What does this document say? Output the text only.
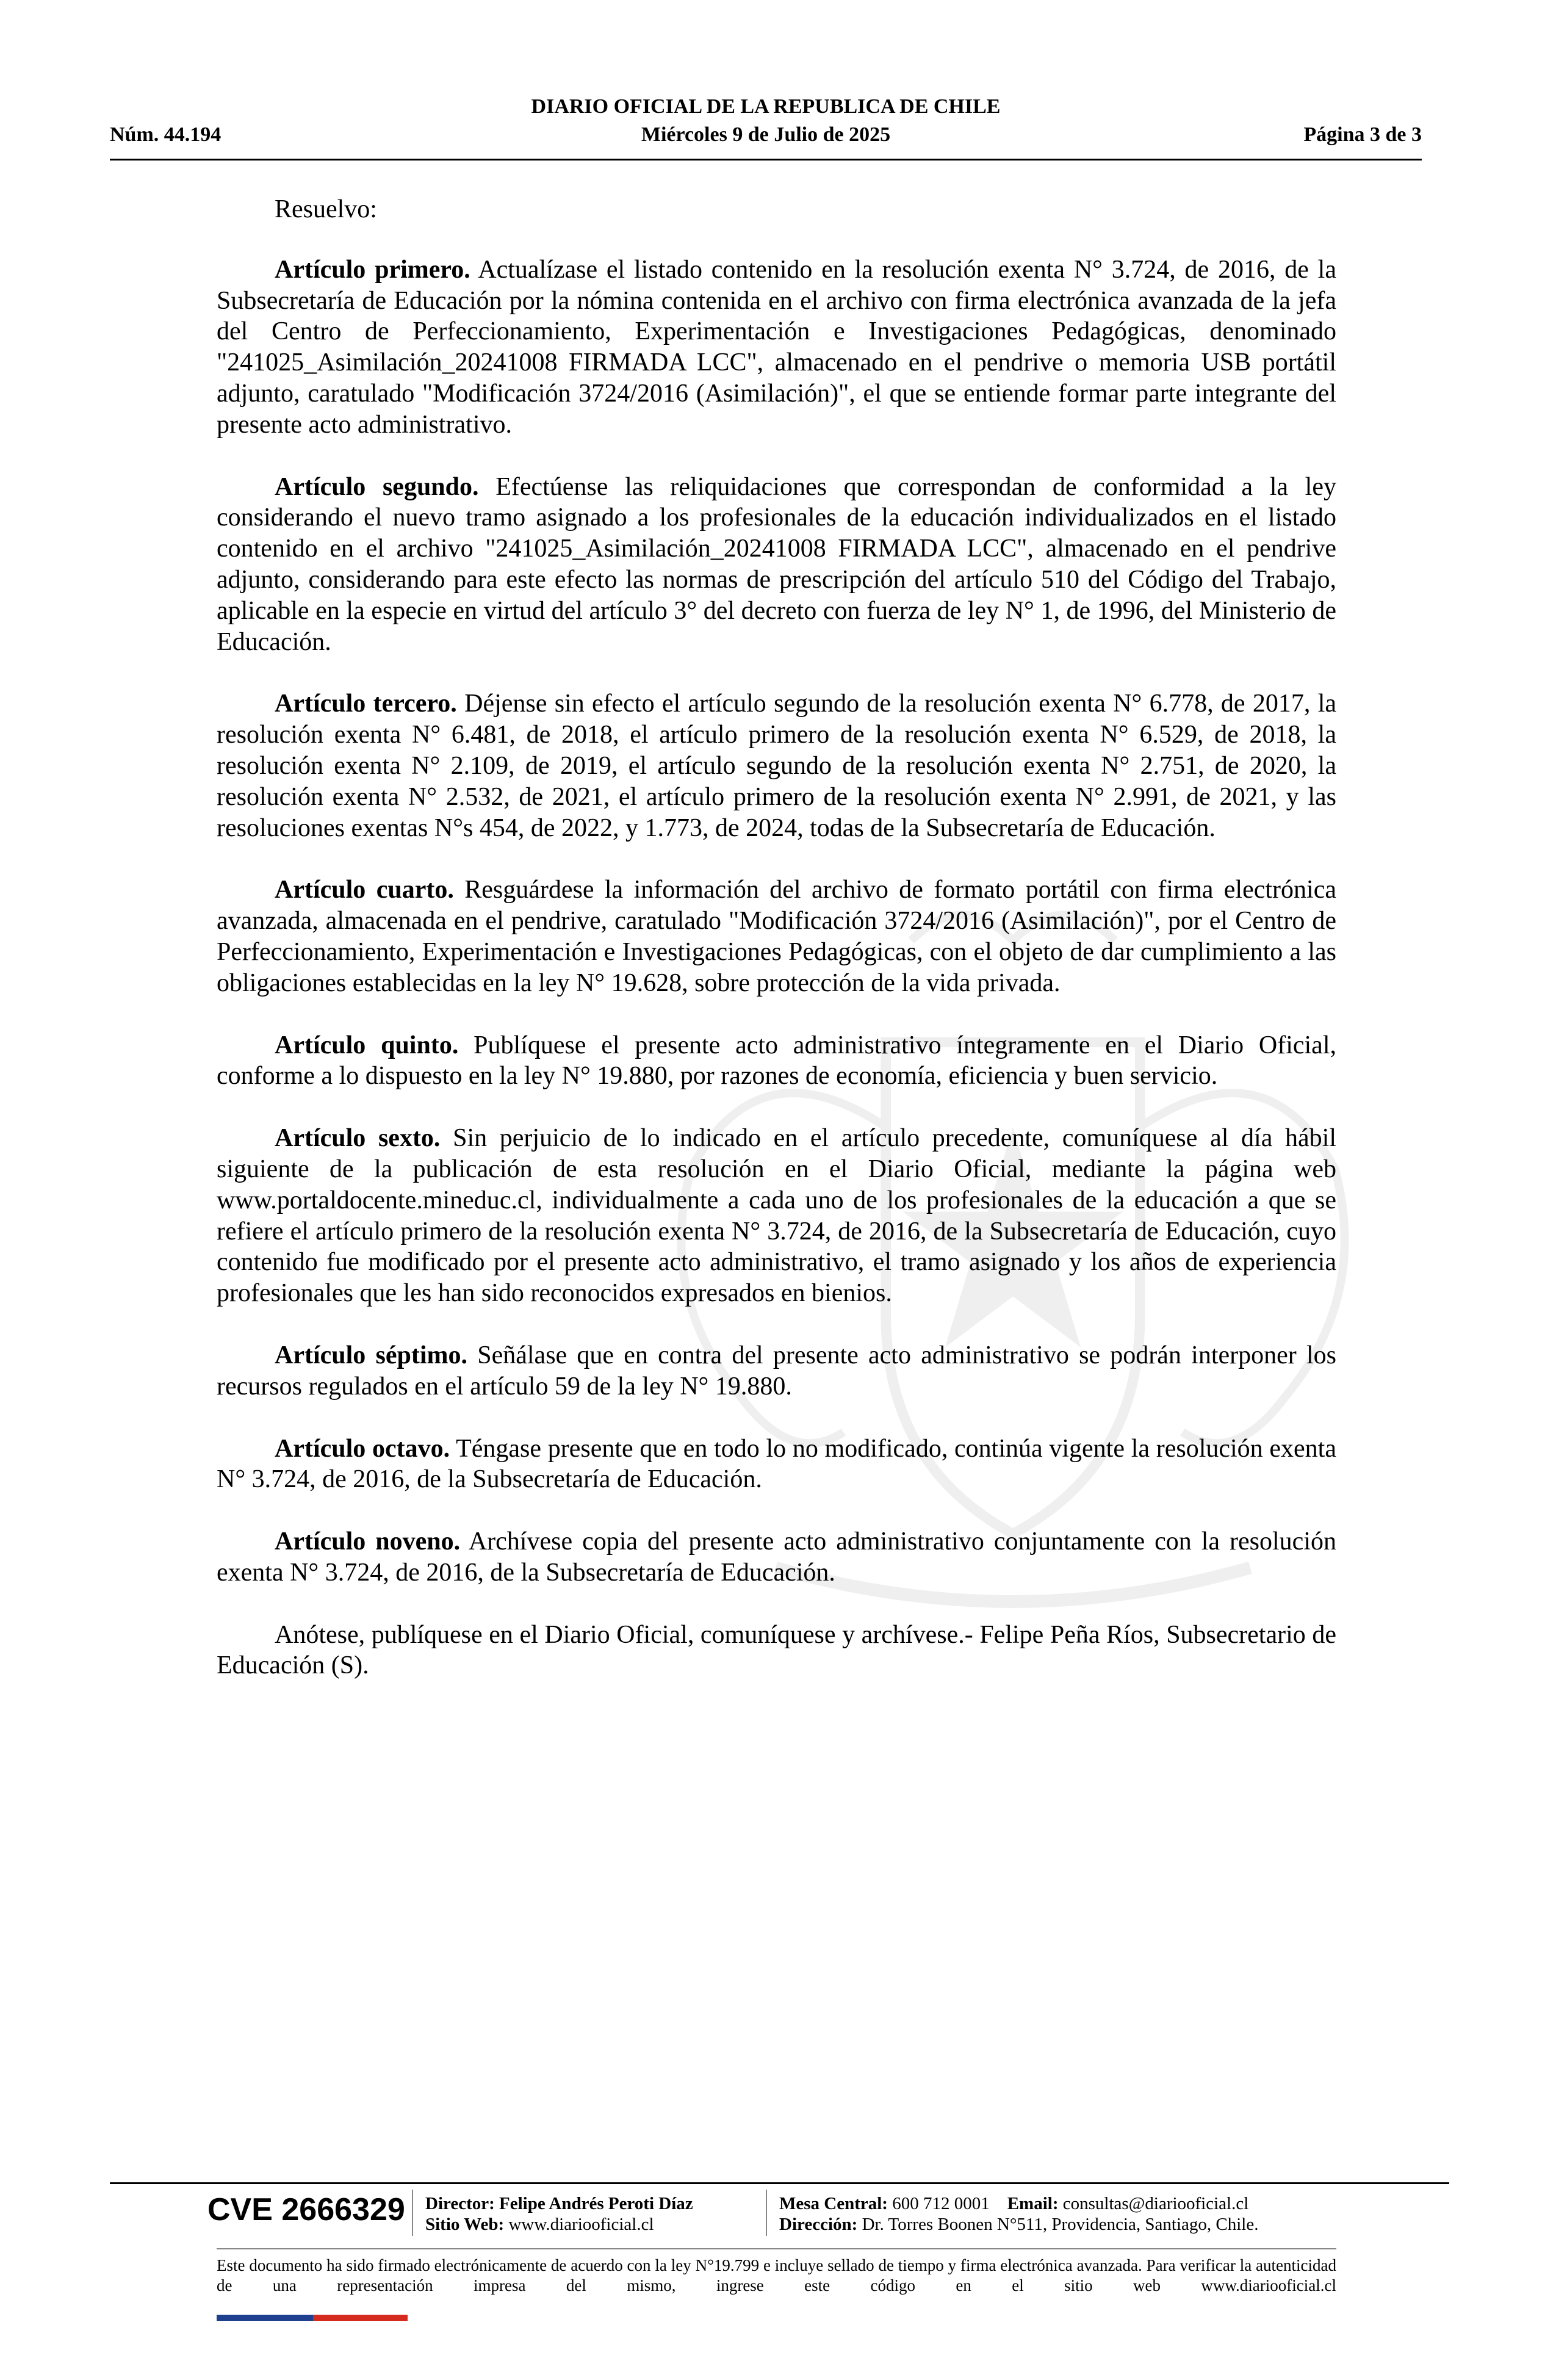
DIARIO OFICIAL DE LA REPUBLICA DE CHILE
Núm. 44.194	Miércoles 9 de Julio de 2025	Página 3 de 3

Resuelvo:

Artículo primero. Actualízase el listado contenido en la resolución exenta N° 3.724, de 2016, de la Subsecretaría de Educación por la nómina contenida en el archivo con firma electrónica avanzada de la jefa del Centro de Perfeccionamiento, Experimentación e Investigaciones Pedagógicas, denominado "241025_Asimilación_20241008 FIRMADA LCC", almacenado en el pendrive o memoria USB portátil adjunto, caratulado "Modificación 3724/2016 (Asimilación)", el que se entiende formar parte integrante del presente acto administrativo.

Artículo segundo. Efectúense las reliquidaciones que correspondan de conformidad a la ley considerando el nuevo tramo asignado a los profesionales de la educación individualizados en el listado contenido en el archivo "241025_Asimilación_20241008 FIRMADA LCC", almacenado en el pendrive adjunto, considerando para este efecto las normas de prescripción del artículo 510 del Código del Trabajo, aplicable en la especie en virtud del artículo 3° del decreto con fuerza de ley N° 1, de 1996, del Ministerio de Educación.

Artículo tercero. Déjense sin efecto el artículo segundo de la resolución exenta N° 6.778, de 2017, la resolución exenta N° 6.481, de 2018, el artículo primero de la resolución exenta N° 6.529, de 2018, la resolución exenta N° 2.109, de 2019, el artículo segundo de la resolución exenta N° 2.751, de 2020, la resolución exenta N° 2.532, de 2021, el artículo primero de la resolución exenta N° 2.991, de 2021, y las resoluciones exentas N°s 454, de 2022, y 1.773, de 2024, todas de la Subsecretaría de Educación.

Artículo cuarto. Resguárdese la información del archivo de formato portátil con firma electrónica avanzada, almacenada en el pendrive, caratulado "Modificación 3724/2016 (Asimilación)", por el Centro de Perfeccionamiento, Experimentación e Investigaciones Pedagógicas, con el objeto de dar cumplimiento a las obligaciones establecidas en la ley N° 19.628, sobre protección de la vida privada.

Artículo quinto. Publíquese el presente acto administrativo íntegramente en el Diario Oficial, conforme a lo dispuesto en la ley N° 19.880, por razones de economía, eficiencia y buen servicio.

Artículo sexto. Sin perjuicio de lo indicado en el artículo precedente, comuníquese al día hábil siguiente de la publicación de esta resolución en el Diario Oficial, mediante la página web www.portaldocente.mineduc.cl, individualmente a cada uno de los profesionales de la educación a que se refiere el artículo primero de la resolución exenta N° 3.724, de 2016, de la Subsecretaría de Educación, cuyo contenido fue modificado por el presente acto administrativo, el tramo asignado y los años de experiencia profesionales que les han sido reconocidos expresados en bienios.

Artículo séptimo. Señálase que en contra del presente acto administrativo se podrán interponer los recursos regulados en el artículo 59 de la ley N° 19.880.

Artículo octavo. Téngase presente que en todo lo no modificado, continúa vigente la resolución exenta N° 3.724, de 2016, de la Subsecretaría de Educación.

Artículo noveno. Archívese copia del presente acto administrativo conjuntamente con la resolución exenta N° 3.724, de 2016, de la Subsecretaría de Educación.

Anótese, publíquese en el Diario Oficial, comuníquese y archívese.- Felipe Peña Ríos, Subsecretario de Educación (S).

CVE 2666329 Director: Felipe Andrés Peroti Díaz
Sitio Web: www.diariooficial.cl
Mesa Central: 600 712 0001 Email: consultas@diariooficial.cl
Dirección: Dr. Torres Boonen N°511, Providencia, Santiago, Chile.
Este documento ha sido firmado electrónicamente de acuerdo con la ley N°19.799 e incluye sellado de tiempo y firma electrónica avanzada. Para verificar la autenticidad de una representación impresa del mismo, ingrese este código en el sitio web www.diariooficial.cl
